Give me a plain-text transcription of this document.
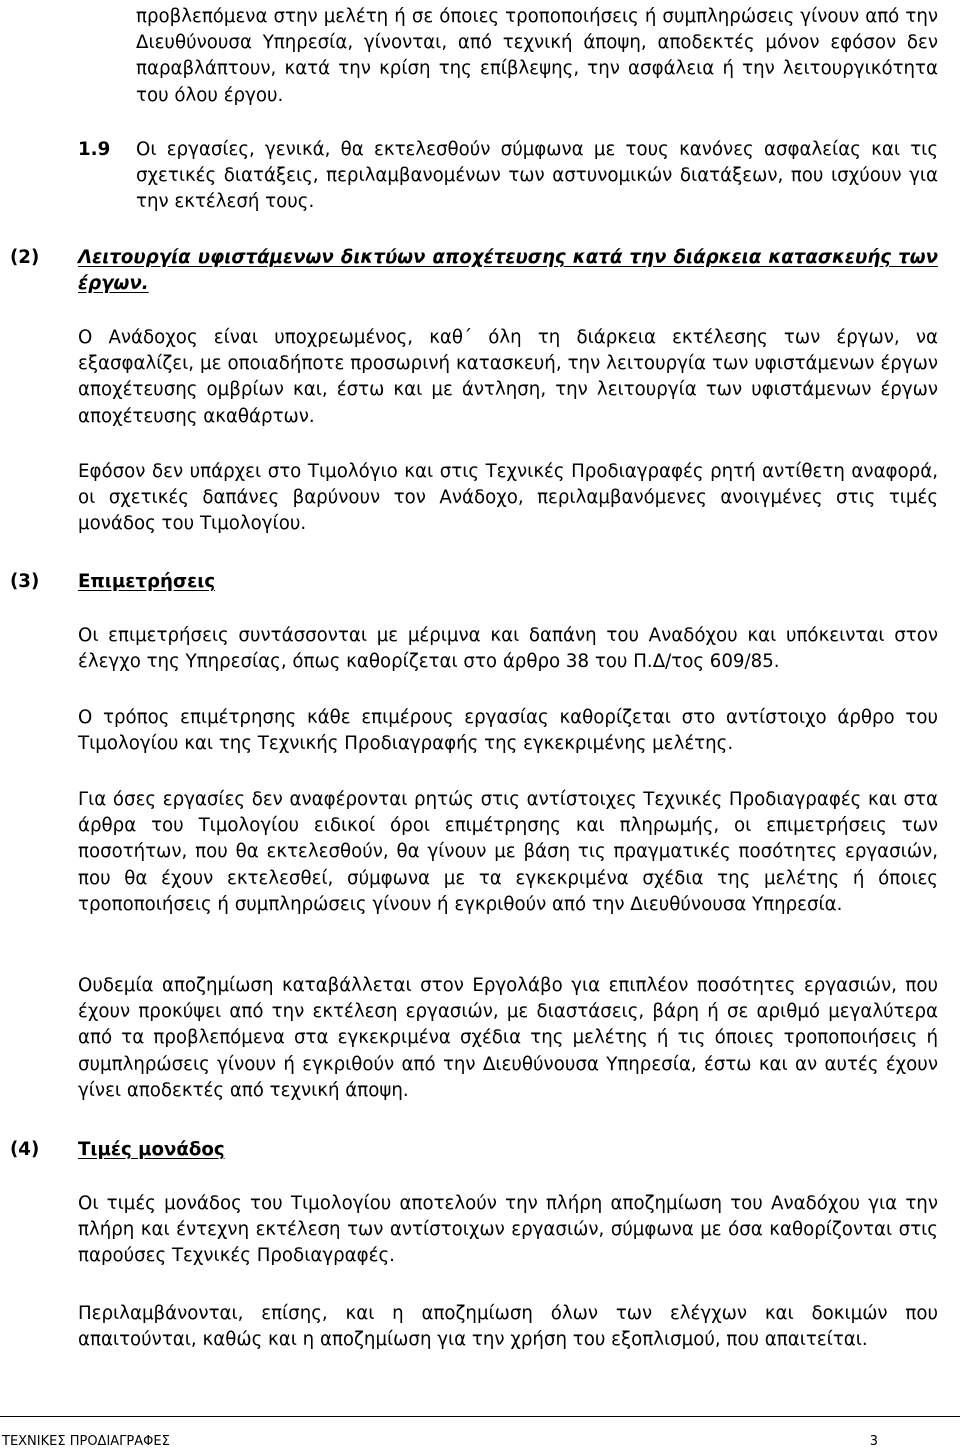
προβλεπόμενα στην μελέτη ή σε όποιες τροποποιήσεις ή συμπληρώσεις γίνουν από την Διευθύνουσα Υπηρεσία, γίνονται, από τεχνική άποψη, αποδεκτές μόνον εφόσον δεν παραβλάπτουν, κατά την κρίση της επίβλεψης, την ασφάλεια ή την λειτουργικότητα του όλου έργου.

1.9 Οι εργασίες, γενικά, θα εκτελεσθούν σύμφωνα με τους κανόνες ασφαλείας και τις σχετικές διατάξεις, περιλαμβανομένων των αστυνομικών διατάξεων, που ισχύουν για την εκτέλεσή τους.

(2) Λειτουργία υφιστάμενων δικτύων αποχέτευσης κατά την διάρκεια κατασκευής των έργων.

Ο Ανάδοχος είναι υποχρεωμένος, καθ΄ όλη τη διάρκεια εκτέλεσης των έργων, να εξασφαλίζει, με οποιαδήποτε προσωρινή κατασκευή, την λειτουργία των υφιστάμενων έργων αποχέτευσης ομβρίων και, έστω και με άντληση, την λειτουργία των υφιστάμενων έργων αποχέτευσης ακαθάρτων.

Εφόσον δεν υπάρχει στο Τιμολόγιο και στις Τεχνικές Προδιαγραφές ρητή αντίθετη αναφορά, οι σχετικές δαπάνες βαρύνουν τον Ανάδοχο, περιλαμβανόμενες ανοιγμένες στις τιμές μονάδος του Τιμολογίου.

(3) Επιμετρήσεις

Οι επιμετρήσεις συντάσσονται με μέριμνα και δαπάνη του Αναδόχου και υπόκεινται στον έλεγχο της Υπηρεσίας, όπως καθορίζεται στο άρθρο 38 του Π.Δ/τος 609/85.

Ο τρόπος επιμέτρησης κάθε επιμέρους εργασίας καθορίζεται στο αντίστοιχο άρθρο του Τιμολογίου και της Τεχνικής Προδιαγραφής της εγκεκριμένης μελέτης.

Για όσες εργασίες δεν αναφέρονται ρητώς στις αντίστοιχες Τεχνικές Προδιαγραφές και στα άρθρα του Τιμολογίου ειδικοί όροι επιμέτρησης και πληρωμής, οι επιμετρήσεις των ποσοτήτων, που θα εκτελεσθούν, θα γίνουν με βάση τις πραγματικές ποσότητες εργασιών, που θα έχουν εκτελεσθεί, σύμφωνα με τα εγκεκριμένα σχέδια της μελέτης ή όποιες τροποποιήσεις ή συμπληρώσεις γίνουν ή εγκριθούν από την Διευθύνουσα Υπηρεσία.

Ουδεμία αποζημίωση καταβάλλεται στον Εργολάβο για επιπλέον ποσότητες εργασιών, που έχουν προκύψει από την εκτέλεση εργασιών, με διαστάσεις, βάρη ή σε αριθμό μεγαλύτερα από τα προβλεπόμενα στα εγκεκριμένα σχέδια της μελέτης ή τις όποιες τροποποιήσεις ή συμπληρώσεις γίνουν ή εγκριθούν από την Διευθύνουσα Υπηρεσία, έστω και αν αυτές έχουν γίνει αποδεκτές από τεχνική άποψη.

(4) Τιμές μονάδος

Οι τιμές μονάδος του Τιμολογίου αποτελούν την πλήρη αποζημίωση του Αναδόχου για την πλήρη και έντεχνη εκτέλεση των αντίστοιχων εργασιών, σύμφωνα με όσα καθορίζονται στις παρούσες Τεχνικές Προδιαγραφές.

Περιλαμβάνονται, επίσης, και η αποζημίωση όλων των ελέγχων και δοκιμών που απαιτούνται, καθώς και η αποζημίωση για την χρήση του εξοπλισμού, που απαιτείται.

ΤΕΧΝΙΚΕΣ ΠΡΟΔΙΑΓΡΑΦΕΣ	3
